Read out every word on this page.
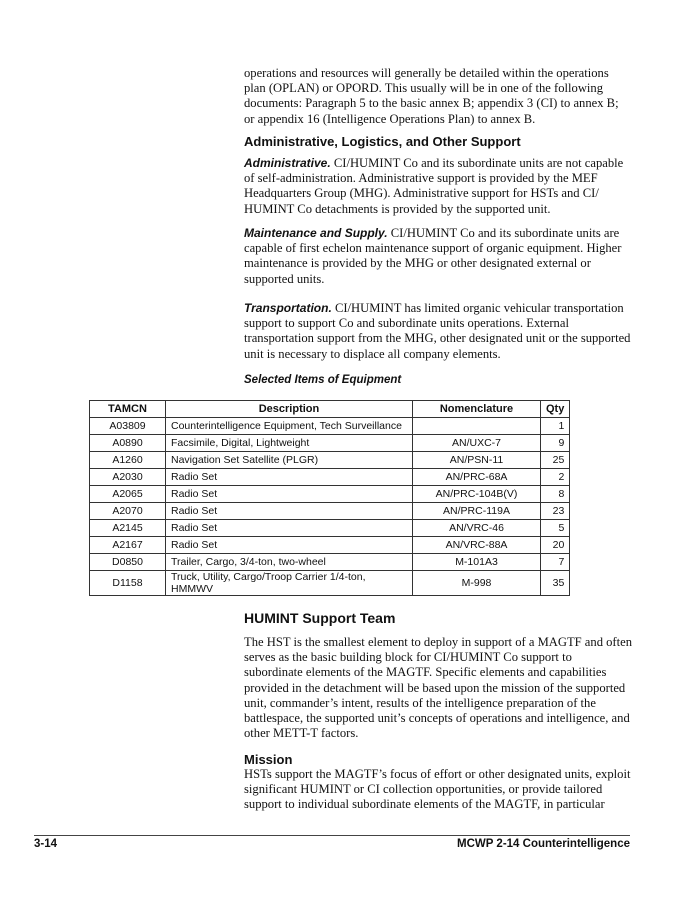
operations and resources will generally be detailed within the operations
plan (OPLAN) or OPORD. This usually will be in one of the following
documents: Paragraph 5 to the basic annex B; appendix 3 (CI) to annex B;
or appendix 16 (Intelligence Operations Plan) to annex B.
Administrative, Logistics, and Other Support
Administrative. CI/HUMINT Co and its subordinate units are not capable
of self-administration. Administrative support is provided by the MEF
Headquarters Group (MHG). Administrative support for HSTs and CI/
HUMINT Co detachments is provided by the supported unit.
Maintenance and Supply. CI/HUMINT Co and its subordinate units are
capable of first echelon maintenance support of organic equipment. Higher
maintenance is provided by the MHG or other designated external or
supported units.
Transportation. CI/HUMINT has limited organic vehicular transportation
support to support Co and subordinate units operations. External
transportation support from the MHG, other designated unit or the supported
unit is necessary to displace all company elements.
Selected Items of Equipment
TAMCN	Description	Nomenclature	Qty
A03809	Counterintelligence Equipment, Tech Surveillance		1
A0890	Facsimile, Digital, Lightweight	AN/UXC-7	9
A1260	Navigation Set Satellite (PLGR)	AN/PSN-11	25
A2030	Radio Set	AN/PRC-68A	2
A2065	Radio Set	AN/PRC-104B(V)	8
A2070	Radio Set	AN/PRC-119A	23
A2145	Radio Set	AN/VRC-46	5
A2167	Radio Set	AN/VRC-88A	20
D0850	Trailer, Cargo, 3/4-ton, two-wheel	M-101A3	7
D1158	Truck, Utility, Cargo/Troop Carrier 1/4-ton, HMMWV	M-998	35
HUMINT Support Team
The HST is the smallest element to deploy in support of a MAGTF and often
serves as the basic building block for CI/HUMINT Co support to
subordinate elements of the MAGTF. Specific elements and capabilities
provided in the detachment will be based upon the mission of the supported
unit, commander’s intent, results of the intelligence preparation of the
battlespace, the supported unit’s concepts of operations and intelligence, and
other METT-T factors.
Mission
HSTs support the MAGTF’s focus of effort or other designated units, exploit
significant HUMINT or CI collection opportunities, or provide tailored
support to individual subordinate elements of the MAGTF, in particular
3-14	MCWP 2-14 Counterintelligence
